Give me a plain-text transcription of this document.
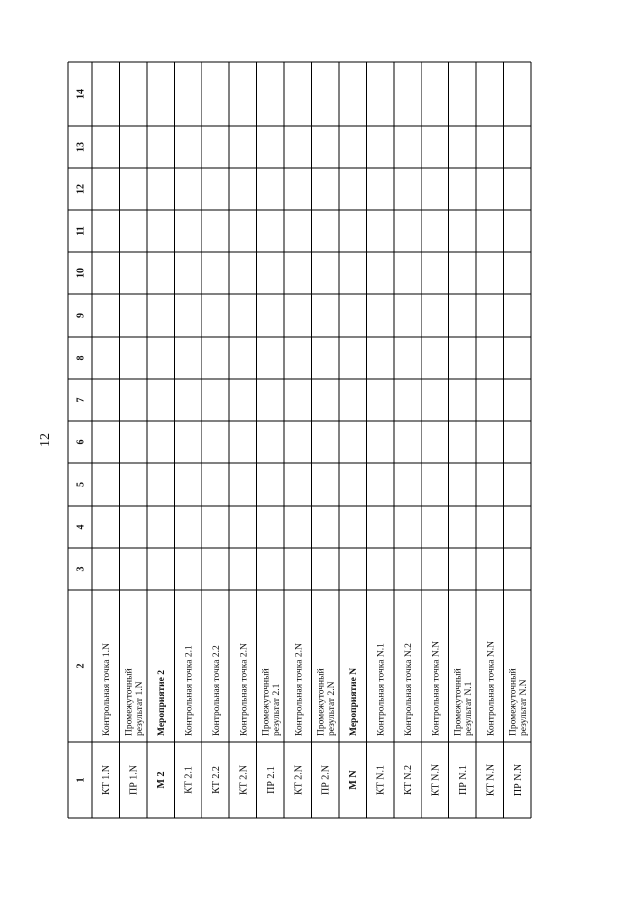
12
1
2
3
4
5
6
7
8
9
10
11
12
13
14
КТ 1.N
Контрольная точка 1.N
ПР 1.N
Промежуточныйрезультат 1.N
М 2
Мероприятие 2
КТ 2.1
Контрольная точка 2.1
КТ 2.2
Контрольная точка 2.2
КТ 2.N
Контрольная точка 2.N
ПР 2.1
Промежуточныйрезультат 2.1
КТ 2.N
Контрольная точка 2.N
ПР 2.N
Промежуточныйрезультат 2.N
М N
Мероприятие N
КТ N.1
Контрольная точка N.1
КТ N.2
Контрольная точка N.2
КТ N.N
Контрольная точка N.N
ПР N.1
Промежуточныйрезультат N.1
КТ N.N
Контрольная точка N.N
ПР N.N
Промежуточныйрезультат N.N
